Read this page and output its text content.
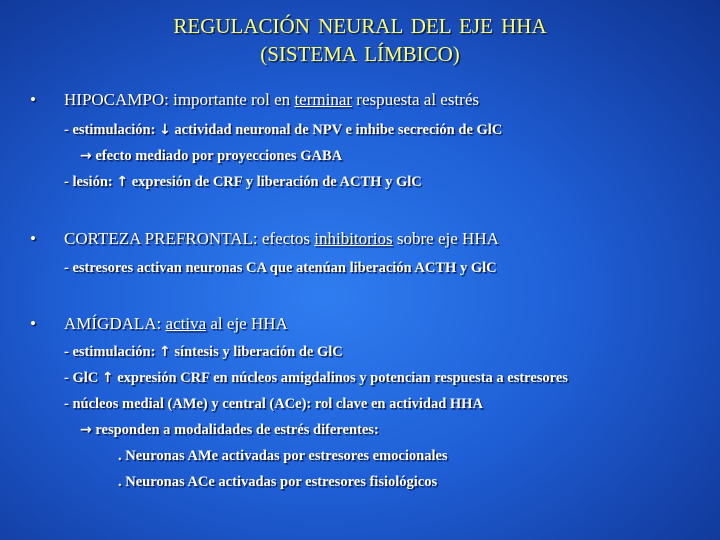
REGULACIÓN NEURAL DEL EJE HHA
(SISTEMA LÍMBICO)
• HIPOCAMPO: importante rol en terminar respuesta al estrés
- estimulación: ↓ actividad neuronal de NPV e inhibe secreción de GlC
→ efecto mediado por proyecciones GABA
- lesión: ↑ expresión de CRF y liberación de ACTH y GlC
• CORTEZA PREFRONTAL: efectos inhibitorios sobre eje HHA
- estresores activan neuronas CA que atenúan liberación ACTH y GlC
• AMÍGDALA: activa al eje HHA
- estimulación: ↑ síntesis y liberación de GlC
- GlC ↑ expresión CRF en núcleos amigdalinos y potencian respuesta a estresores
- núcleos medial (AMe) y central (ACe): rol clave en actividad HHA
→ responden a modalidades de estrés diferentes:
. Neuronas AMe activadas por estresores emocionales
. Neuronas ACe activadas por estresores fisiológicos
